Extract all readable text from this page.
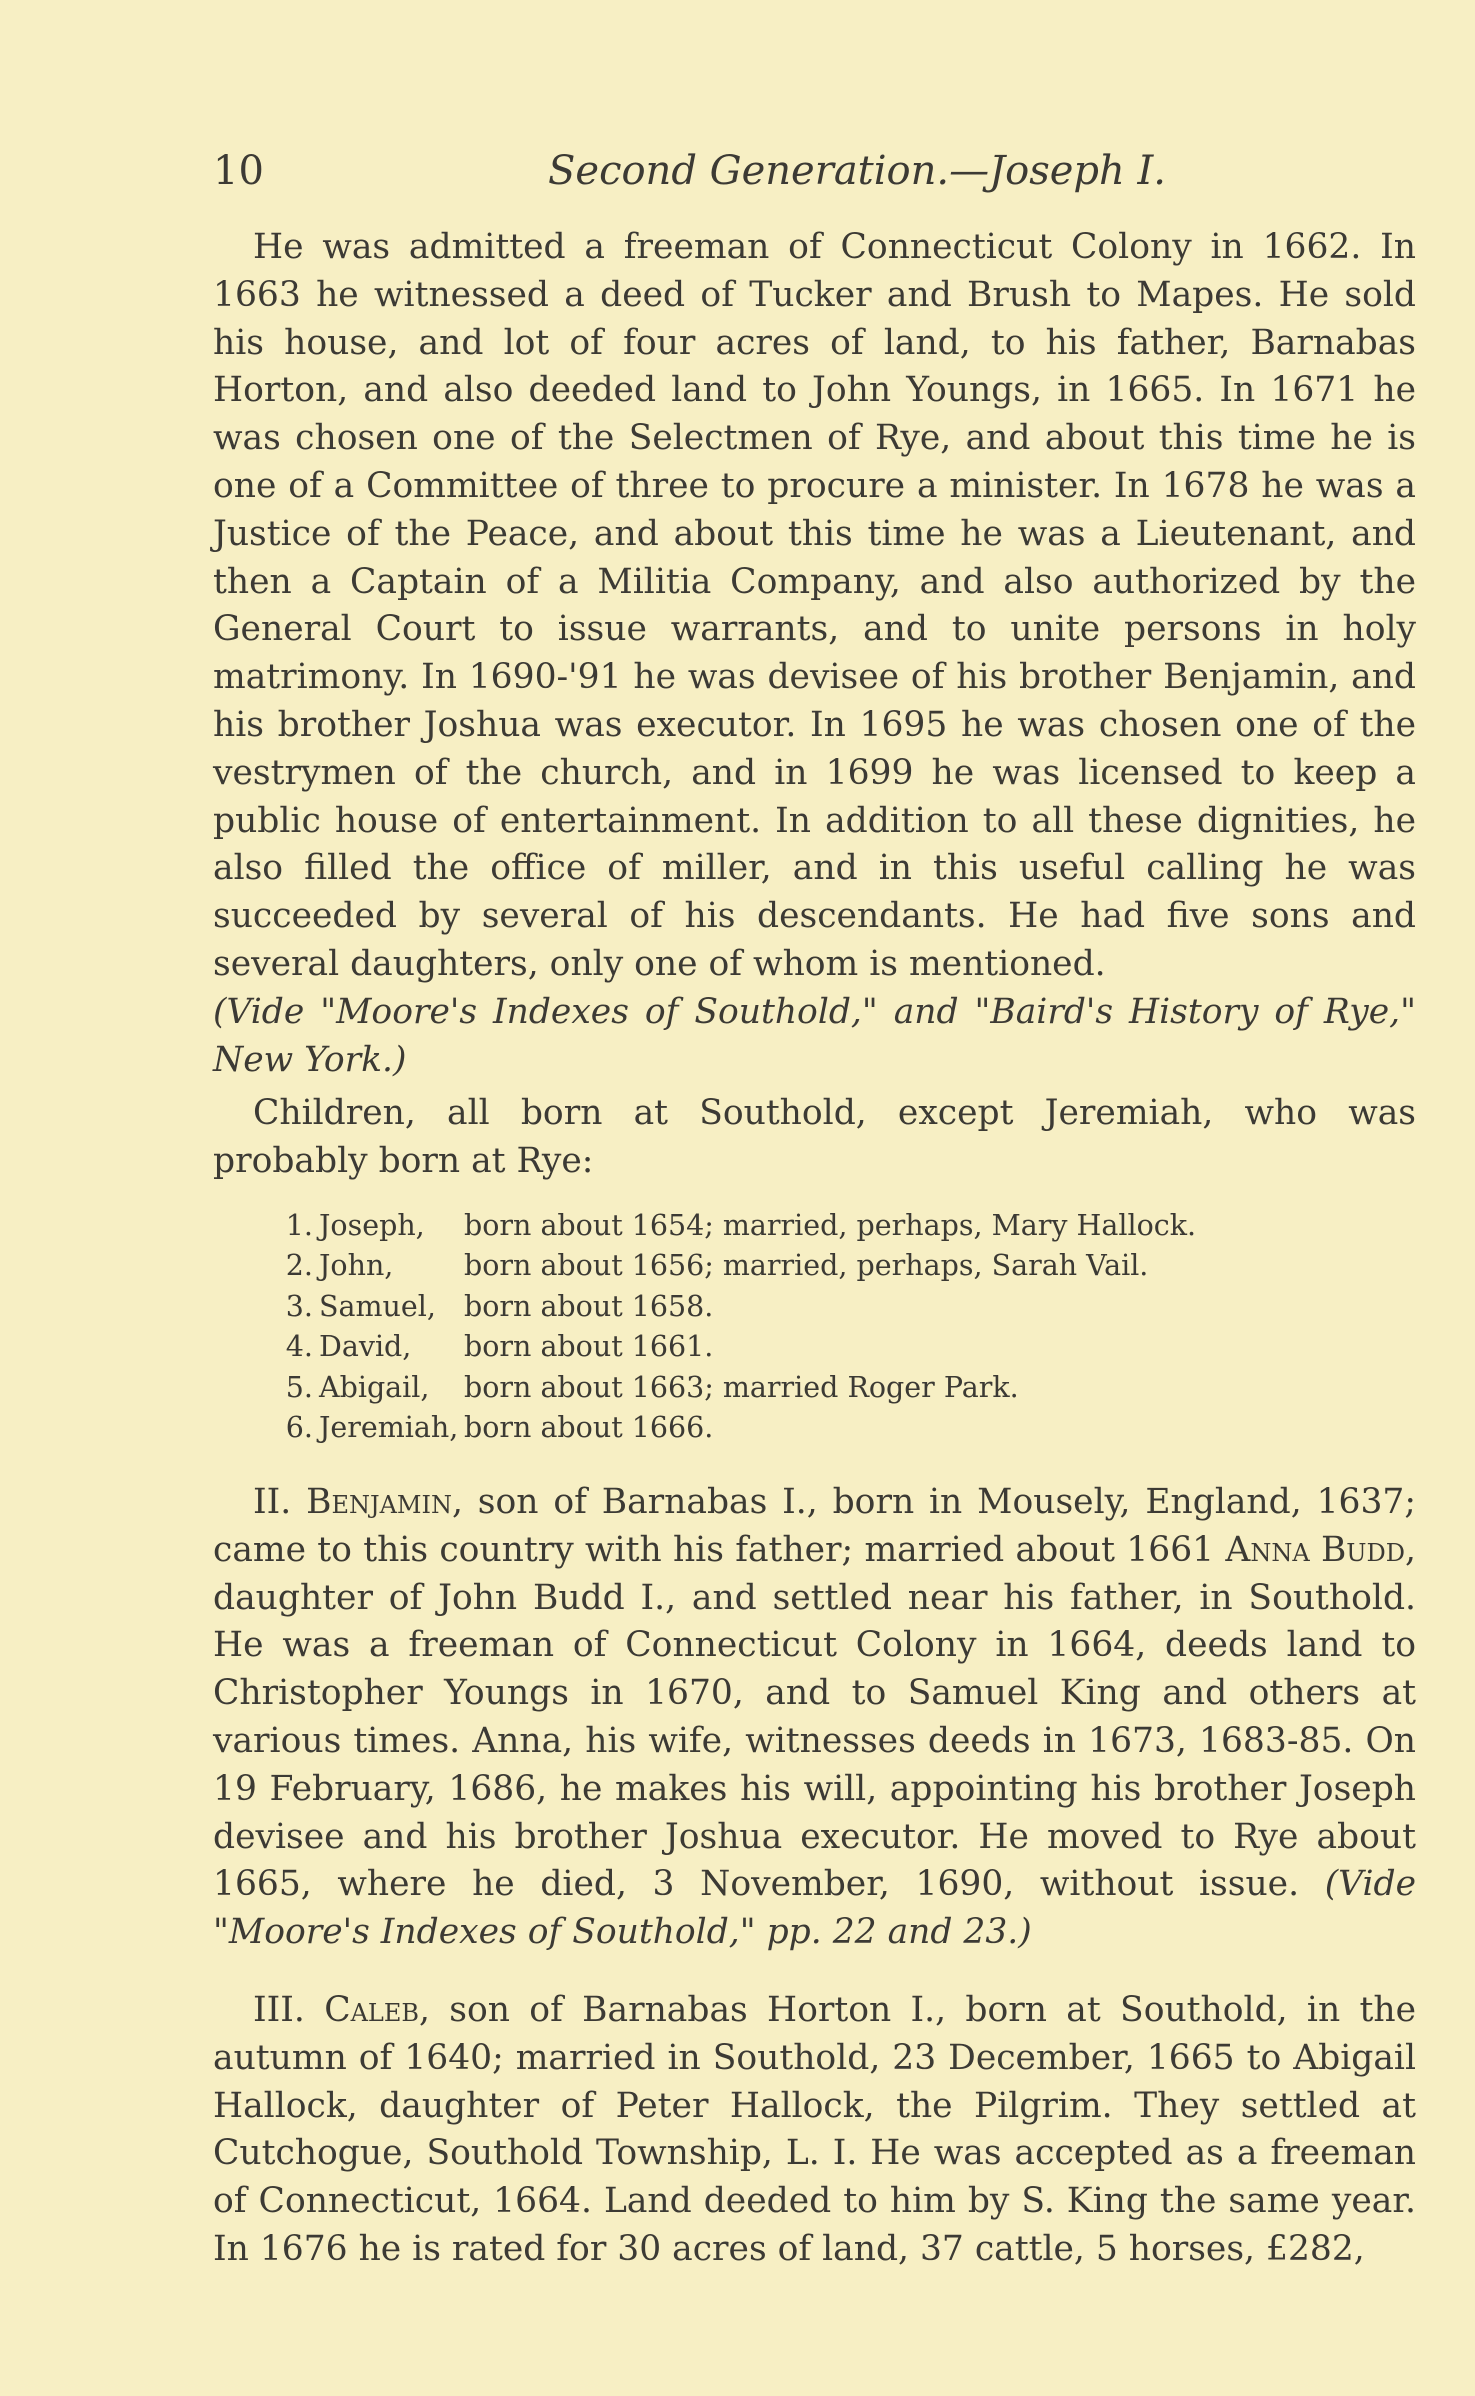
10	Second Generation.—Joseph I.

He was admitted a freeman of Connecticut Colony in 1662. In 1663 he witnessed a deed of Tucker and Brush to Mapes. He sold his house, and lot of four acres of land, to his father, Barnabas Horton, and also deeded land to John Youngs, in 1665. In 1671 he was chosen one of the Selectmen of Rye, and about this time he is one of a Committee of three to procure a minister. In 1678 he was a Justice of the Peace, and about this time he was a Lieutenant, and then a Captain of a Militia Company, and also authorized by the General Court to issue warrants, and to unite persons in holy matrimony. In 1690-'91 he was devisee of his brother Benjamin, and his brother Joshua was executor. In 1695 he was chosen one of the vestrymen of the church, and in 1699 he was licensed to keep a public house of entertainment. In addition to all these dignities, he also filled the office of miller, and in this useful calling he was succeeded by several of his descendants. He had five sons and several daughters, only one of whom is mentioned.

(Vide "Moore's Indexes of Southold," and "Baird's History of Rye," New York.)

Children, all born at Southold, except Jeremiah, who was probably born at Rye:

1. Joseph,	born about 1654; married, perhaps, Mary Hallock.
2. John,	born about 1656; married, perhaps, Sarah Vail.
3. Samuel, born about 1658.
4. David,	born about 1661.
5. Abigail,	born about 1663; married Roger Park.
6. Jeremiah, born about 1666.

II. Benjamin, son of Barnabas I., born in Mousely, England, 1637; came to this country with his father; married about 1661 Anna Budd, daughter of John Budd I., and settled near his father, in Southold. He was a freeman of Connecticut Colony in 1664, deeds land to Christopher Youngs in 1670, and to Samuel King and others at various times. Anna, his wife, witnesses deeds in 1673, 1683-85. On 19 February, 1686, he makes his will, appointing his brother Joseph devisee and his brother Joshua executor. He moved to Rye about 1665, where he died, 3 November, 1690, without issue. (Vide "Moore's Indexes of Southold," pp. 22 and 23.)

III. Caleb, son of Barnabas Horton I., born at Southold, in the autumn of 1640; married in Southold, 23 December, 1665 to Abigail Hallock, daughter of Peter Hallock, the Pilgrim. They settled at Cutchogue, Southold Township, L. I. He was accepted as a freeman of Connecticut, 1664. Land deeded to him by S. King the same year. In 1676 he is rated for 30 acres of land, 37 cattle, 5 horses, £282,
